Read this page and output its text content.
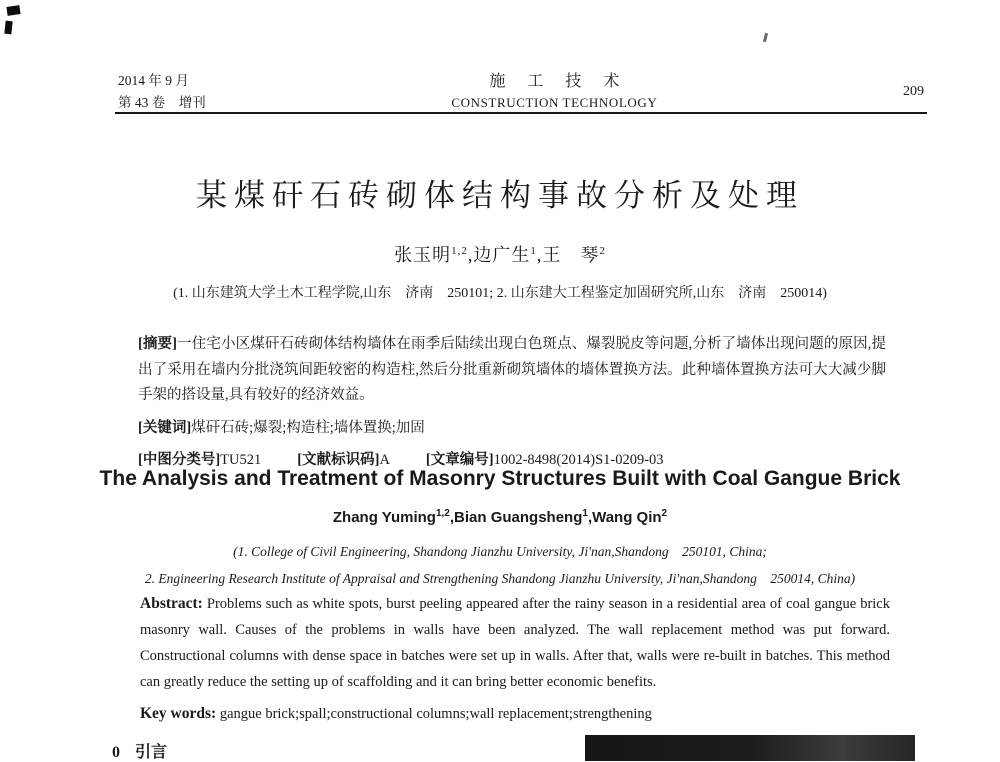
2014 年 9 月
第 43 卷　增刊
施 工 技 术
CONSTRUCTION TECHNOLOGY
209
某煤矸石砖砌体结构事故分析及处理
张玉明$^{1,2}$,边广生$^1$,王　琴$^2$
(1. 山东建筑大学土木工程学院,山东　济南　250101; 2. 山东建大工程鉴定加固研究所,山东　济南　250014)

[摘要]一住宅小区煤矸石砖砌体结构墙体在雨季后陆续出现白色斑点、爆裂脱皮等问题,分析了墙体出现问题的原因,提出了采用在墙内分批浇筑间距较密的构造柱,然后分批重新砌筑墙体的墙体置换方法。此种墙体置换方法可大大减少脚手架的搭设量,具有较好的经济效益。

[关键词]煤矸石砖;爆裂;构造柱;墙体置换;加固

[中图分类号]TU521 [文献标识码]A [文章编号]1002-8498(2014)S1-0209-03
The Analysis and Treatment of Masonry Structures Built with Coal Gangue Brick
Zhang Yuming$^{1,2}$,Bian Guangsheng$^1$,Wang Qin$^2$
(1. College of Civil Engineering, Shandong Jianzhu University, Ji'nan,Shandong　250101, China;
2. Engineering Research Institute of Appraisal and Strengthening Shandong Jianzhu University, Ji'nan,Shandong　250014, China)

Abstract: Problems such as white spots, burst peeling appeared after the rainy season in a residential area of coal gangue brick masonry wall. Causes of the problems in walls have been analyzed. The wall replacement method was put forward. Constructional columns with dense space in batches were set up in walls. After that, walls were re-built in batches. This method can greatly reduce the setting up of scaffolding and it can bring better economic benefits.

Key words: gangue brick;spall;constructional columns;wall replacement;strengthening

0 引言
